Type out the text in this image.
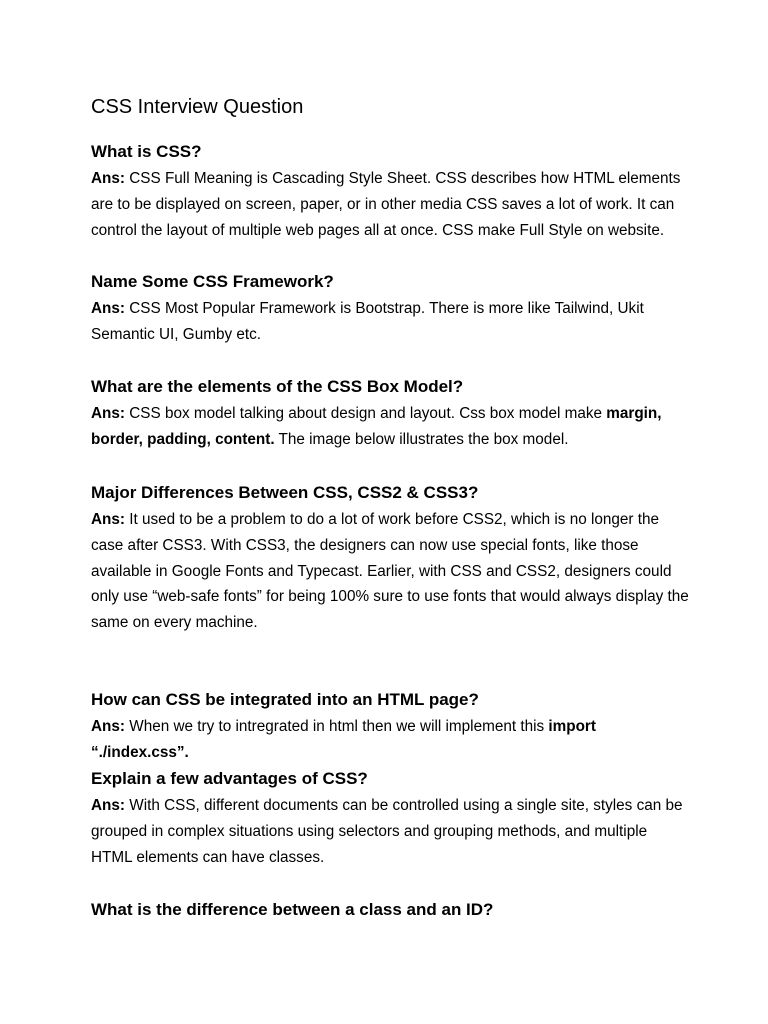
CSS Interview Question
What is CSS?

Ans: CSS Full Meaning is Cascading Style Sheet. CSS describes how HTML elements are to be displayed on screen, paper, or in other media CSS saves a lot of work. It can control the layout of multiple web pages all at once. CSS make Full Style on website.

Name Some CSS Framework?

Ans: CSS Most Popular Framework is Bootstrap. There is more like Tailwind, Ukit Semantic UI, Gumby etc.

What are the elements of the CSS Box Model?

Ans: CSS box model talking about design and layout. Css box model make margin, border, padding, content. The image below illustrates the box model.

Major Differences Between CSS, CSS2 & CSS3?

Ans: It used to be a problem to do a lot of work before CSS2, which is no longer the case after CSS3. With CSS3, the designers can now use special fonts, like those available in Google Fonts and Typecast. Earlier, with CSS and CSS2, designers could only use “web-safe fonts” for being 100% sure to use fonts that would always display the same on every machine.

How can CSS be integrated into an HTML page?

Ans: When we try to intregrated in html then we will implement this import “./index.css”.

Explain a few advantages of CSS?

Ans: With CSS, different documents can be controlled using a single site, styles can be grouped in complex situations using selectors and grouping methods, and multiple HTML elements can have classes.

What is the difference between a class and an ID?
